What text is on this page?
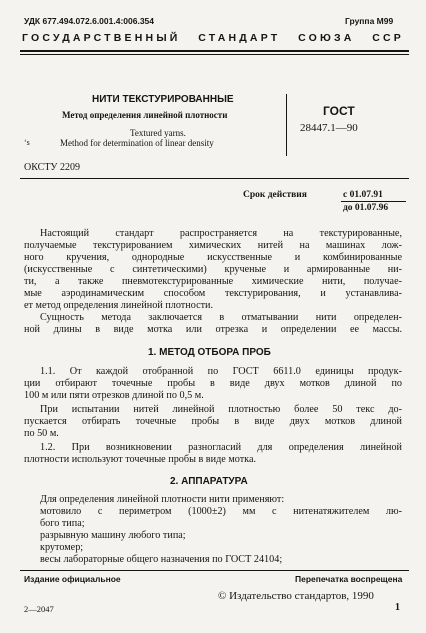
УДК 677.494.072.6.001.4:006.354	Группа М99
ГОСУДАРСТВЕННЫЙ СТАНДАРТ СОЮЗА ССР
НИТИ ТЕКСТУРИРОВАННЫЕ
Метод определения линейной плотности
Textured yarns.
Method for determination of linear density
‘s
ГОСТ
28447.1—90
ОКСТУ 2209
Срок действия	с 01.07.91
до 01.07.96
Настоящий стандарт распространяется на текстурированные,
получаемые текстурированием химических нитей на машинах лож-
ного кручения, однородные искусственные и комбинированные
(искусственные с синтетическими) крученые и армированные ни-
ти, а также пневмотекстурированные химические нити, получае-
мые аэродинамическим способом текстурирования, и устанавлива-
ет метод определения линейной плотности.
Сущность метода заключается в отматывании нити определен-
ной длины в виде мотка или отрезка и определении ее массы.
1. МЕТОД ОТБОРА ПРОБ
1.1. От каждой отобранной по ГОСТ 6611.0 единицы продук-
ции отбирают точечные пробы в виде двух мотков длиной по
100 м или пяти отрезков длиной по 0,5 м.
При испытании нитей линейной плотностью более 50 текс до-
пускается отбирать точечные пробы в виде двух мотков длиной
по 50 м.
1.2. При возникновении разногласий для определения линейной
плотности используют точечные пробы в виде мотка.
2. АППАРАТУРА
Для определения линейной плотности нити применяют:
мотовило с периметром (1000±2) мм с нитенатяжителем лю-
бого типа;
разрывную машину любого типа;
крутомер;
весы лабораторные общего назначения по ГОСТ 24104;
Издание официальное	Перепечатка воспрещена
© Издательство стандартов, 1990
2—2047	1
